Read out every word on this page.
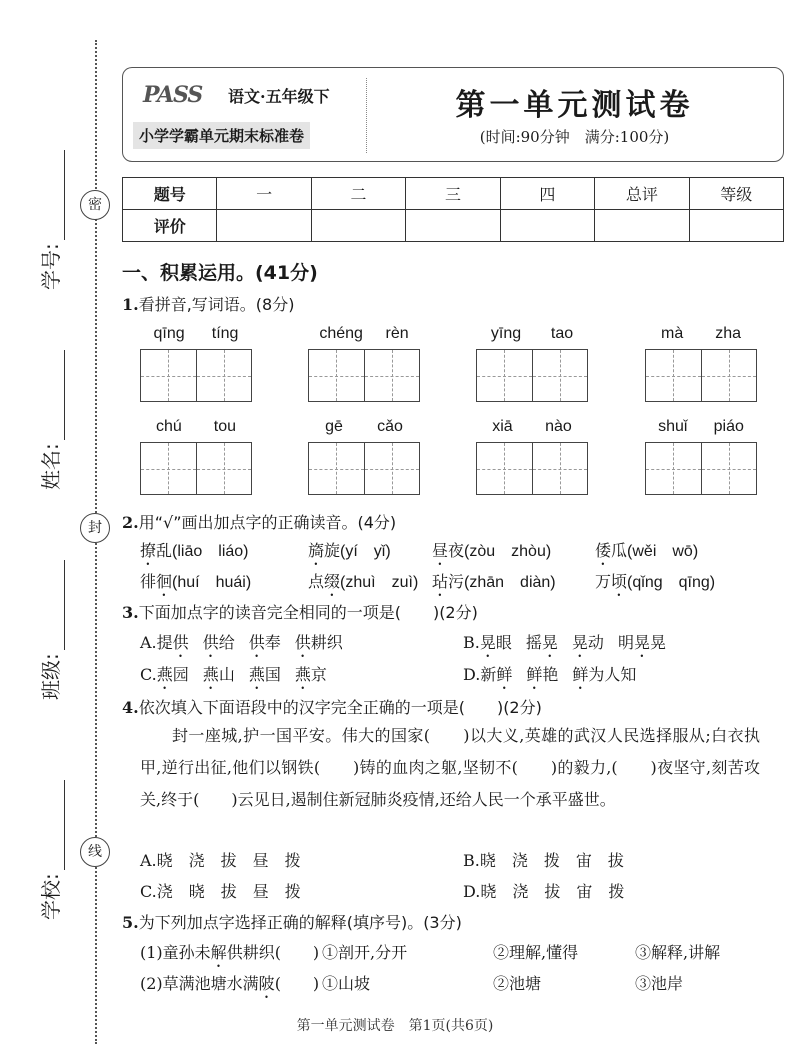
密
封
线
学号:
姓名:
班级:
学校:
PASS 语文·五年级下
小学学霸单元期末标准卷
第一单元测试卷
(时间:90分钟　满分:100分)
题号	一	二	三	四	总评	等级
评价						
一、积累运用。(41分)
1.看拼音,写词语。(8分)
qīng tíng	chéng rèn	yīng tao	mà zha
chú tou	gē cǎo	xiā nào	shuǐ piáo
2.用“√”画出加点字的正确读音。(4分)
撩乱(liāo　liáo)	旖旋(yí　yǐ)	昼夜(zòu　zhòu)	倭瓜(wěi　wō)
徘徊(huí　huái)	点缀(zhuì　zuì) 玷污(zhān　diàn) 万顷(qǐng　qīng)
3.下面加点字的读音完全相同的一项是(　　)(2分)
A.提供 供给 供奉 供耕织	B.晃眼 摇晃 晃动 明晃晃
C.燕园 燕山 燕国 燕京	D.新鲜 鲜艳 鲜为人知
4.依次填入下面语段中的汉字完全正确的一项是(　　)(2分)
封一座城,护一国平安。伟大的国家(　　)以大义,英雄的武汉人民选择服从;白衣执甲,逆行出征,他们以钢铁(　　)铸的血肉之躯,坚韧不(　　)的毅力,(　　)夜坚守,刻苦攻关,终于(　　)云见日,遏制住新冠肺炎疫情,还给人民一个承平盛世。
A.晓　浇　拔　昼　拨	B.晓　浇　拨　宙　拔
C.浇　晓　拔　昼　拨	D.晓　浇　拔　宙　拨
5.为下列加点字选择正确的解释(填序号)。(3分)
(1)童孙未解供耕织(　　) ①剖开,分开	②理解,懂得	③解释,讲解
(2)草满池塘水满陂(　　) ①山坡	②池塘	③池岸
第一单元测试卷　第1页(共6页)
